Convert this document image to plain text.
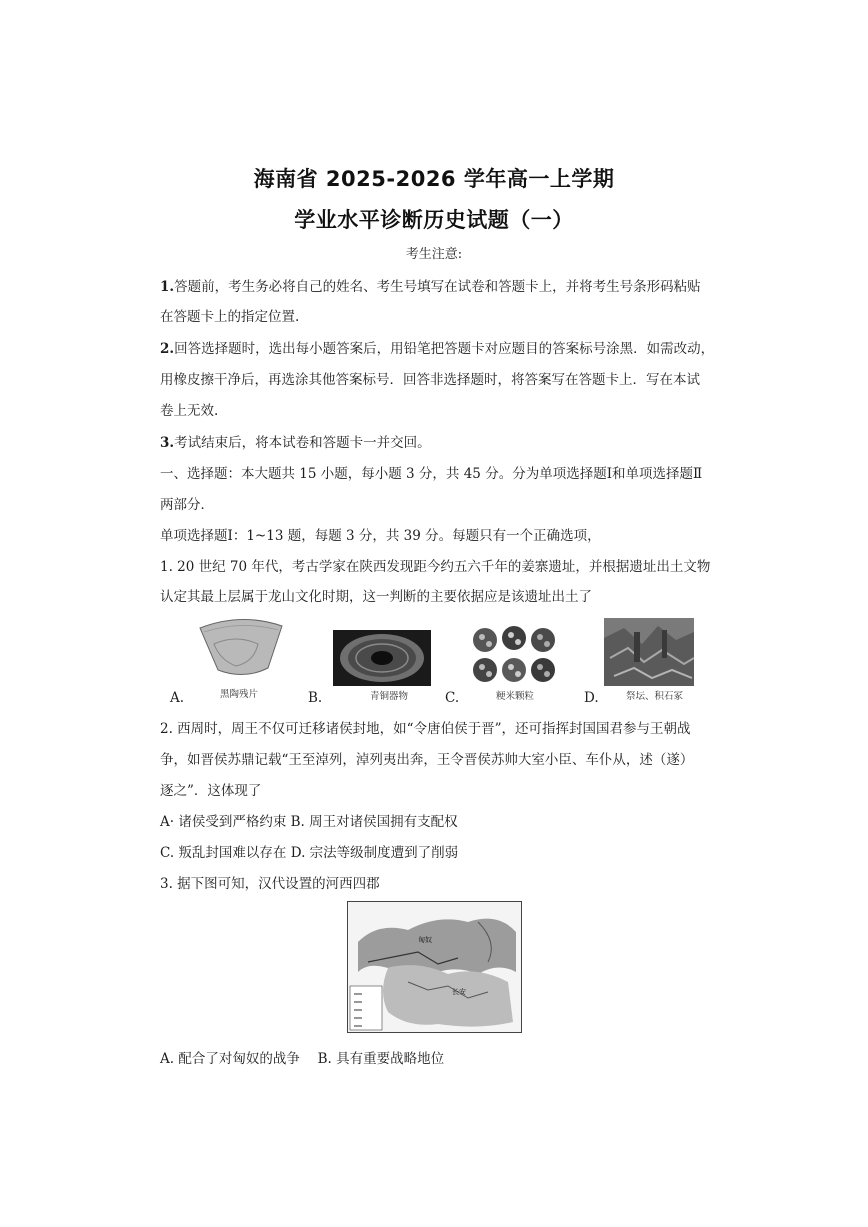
海南省 2025-2026 学年高一上学期
学业水平诊断历史试题（一）
考生注意:
1.答题前，考生务必将自己的姓名、考生号填写在试卷和答题卡上，并将考生号条形码粘贴
在答题卡上的指定位置.
2.回答选择题时，选出每小题答案后，用铅笔把答题卡对应题目的答案标号涂黑．如需改动，
用橡皮擦干净后，再选涂其他答案标号．回答非选择题时，将答案写在答题卡上．写在本试
卷上无效.
3.考试结束后，将本试卷和答题卡一并交回。
一、选择题：本大题共 15 小题，每小题 3 分，共 45 分。分为单项选择题Ⅰ和单项选择题Ⅱ
两部分．
单项选择题Ⅰ：1~13 题，每题 3 分，共 39 分。每题只有一个正确选项，
1. 20 世纪 70 年代，考古学家在陕西发现距今约五六千年的姜寨遗址，并根据遗址出土文物
认定其最上层属于龙山文化时期，这一判断的主要依据应是该遗址出土了
A.	黑陶残片	B.	青铜器物	C.	粳米颗粒	D.	祭坛、积石冢
2. 西周时，周王不仅可迁移诸侯封地，如“令唐伯侯于晋”，还可指挥封国国君参与王朝战
争，如晋侯苏鼎记载“王至淖列，淖列夷出奔，王令晋侯苏帅大室小臣、车仆从，述（遂）
逐之”．这体现了
A· 诸侯受到严格约束 B. 周王对诸侯国拥有支配权
C. 叛乱封国难以存在 D. 宗法等级制度遭到了削弱
3. 据下图可知，汉代设置的河西四郡
匈奴
长安
A. 配合了对匈奴的战争　 B. 具有重要战略地位
